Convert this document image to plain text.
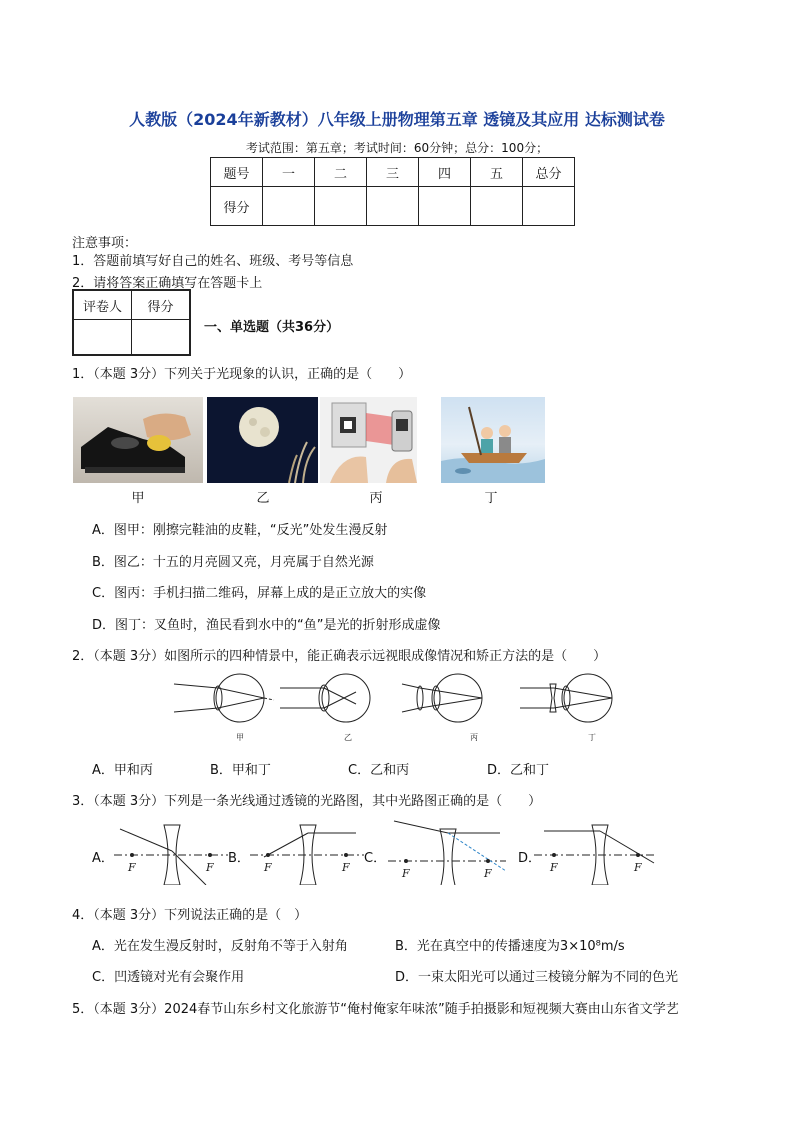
人教版（2024年新教材）八年级上册物理第五章 透镜及其应用 达标测试卷
考试范围：第五章；考试时间：60分钟；总分：100分；
题号	一	二	三	四	五	总分
得分						
注意事项：
1．答题前填写好自己的姓名、班级、考号等信息
2．请将答案正确填写在答题卡上
评卷人	得分

一、单选题（共36分）
1．（本题 3分）下列关于光现象的认识，正确的是（　　）
甲	乙	丙	丁
A．图甲：刚擦完鞋油的皮鞋，“反光”处发生漫反射
B．图乙：十五的月亮圆又亮，月亮属于自然光源
C．图丙：手机扫描二维码，屏幕上成的是正立放大的实像
D．图丁：叉鱼时，渔民看到水中的“鱼”是光的折射形成虚像
2．（本题 3分）如图所示的四种情景中，能正确表示远视眼成像情况和矫正方法的是（　　）
甲	乙	丙	丁
A．甲和丙	B．甲和丁	C．乙和丙	D．乙和丁
3．（本题 3分）下列是一条光线通过透镜的光路图，其中光路图正确的是（　　）
F	F	F	F	F	F	F	F
A．	B．	C．	D．
4．（本题 3分）下列说法正确的是（　）
A．光在发生漫反射时，反射角不等于入射角	B．光在真空中的传播速度为3×10⁸m/s
C．凹透镜对光有会聚作用	D．一束太阳光可以通过三棱镜分解为不同的色光
5．（本题 3分）2024春节山东乡村文化旅游节“俺村俺家年味浓”随手拍摄影和短视频大赛由山东省文学艺
